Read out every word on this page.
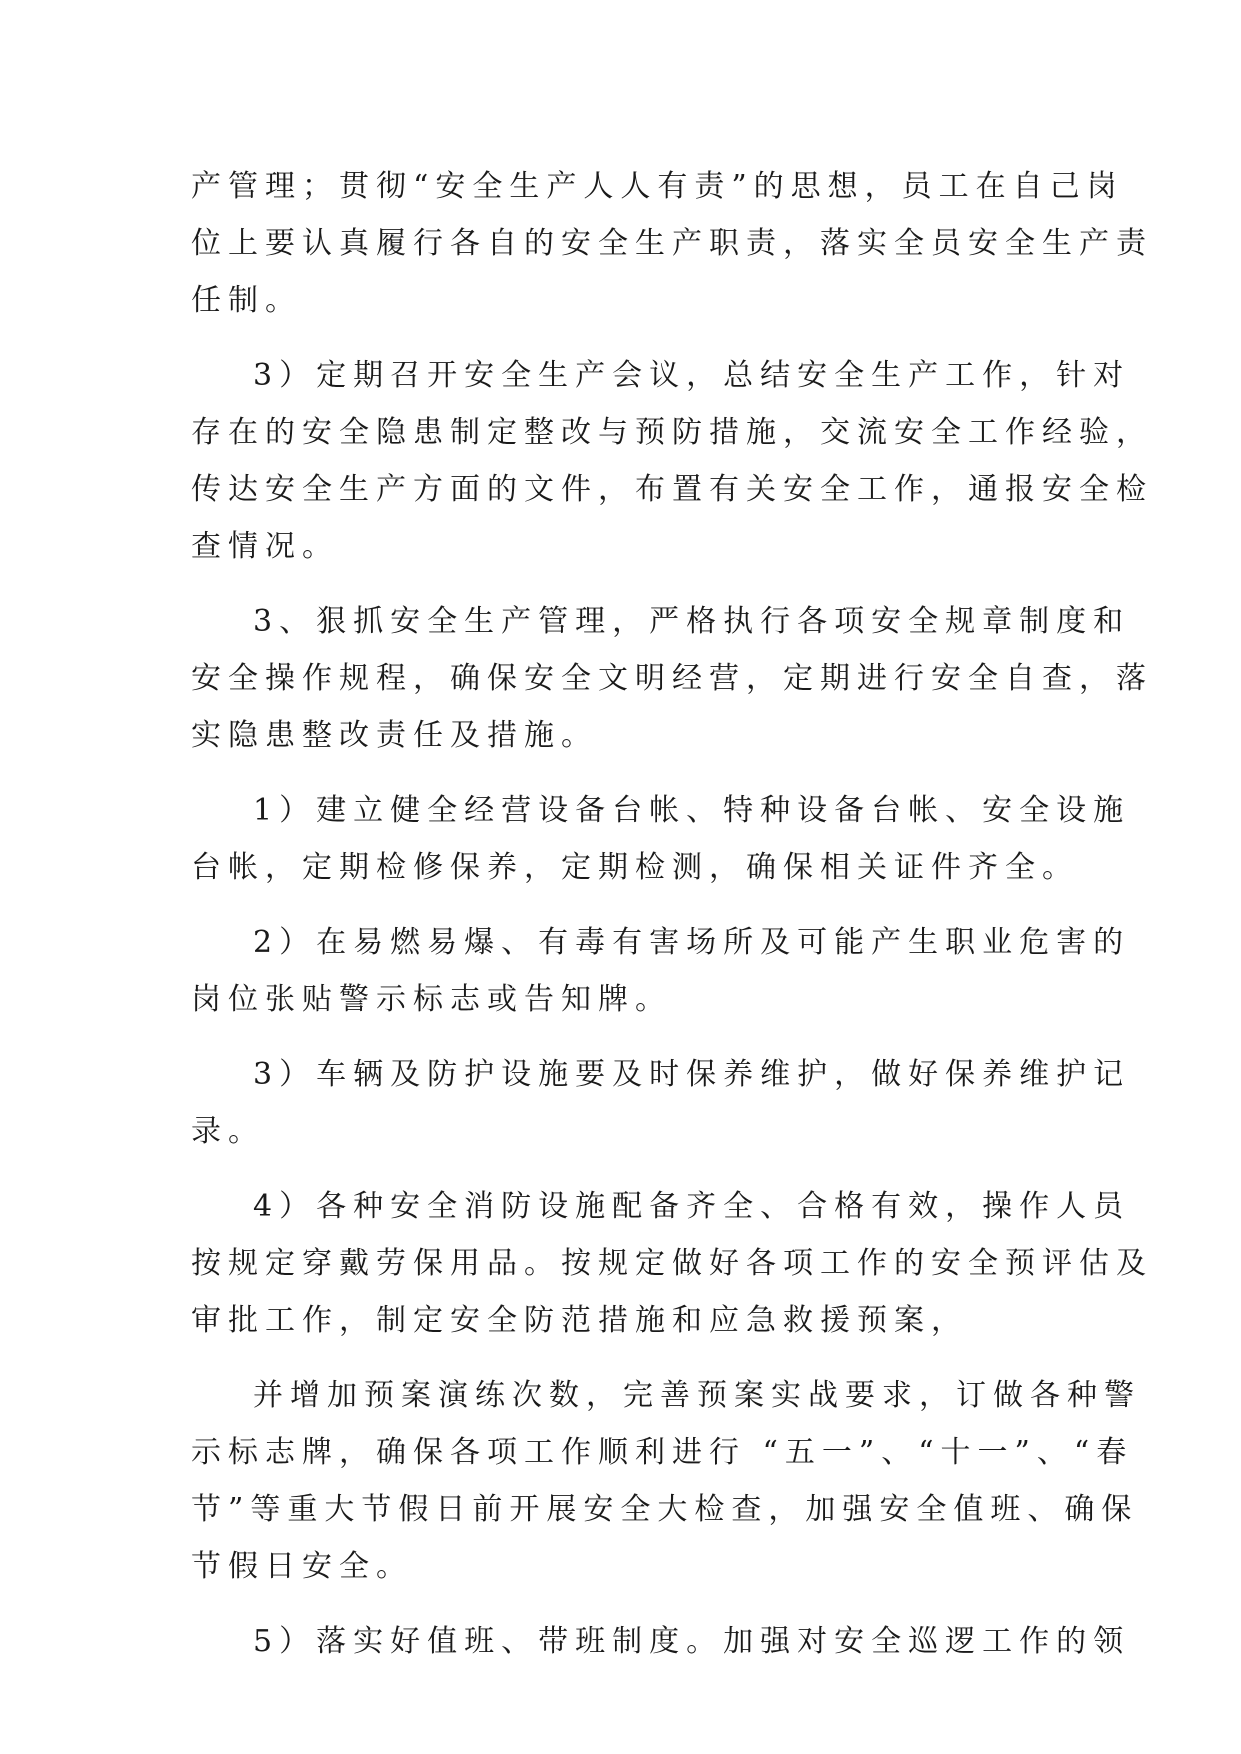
产管理；贯彻“安全生产人人有责”的思想，员工在自己岗
位上要认真履行各自的安全生产职责，落实全员安全生产责
任制。
3）定期召开安全生产会议，总结安全生产工作，针对
存在的安全隐患制定整改与预防措施，交流安全工作经验，
传达安全生产方面的文件，布置有关安全工作，通报安全检
查情况。
3、狠抓安全生产管理，严格执行各项安全规章制度和
安全操作规程，确保安全文明经营，定期进行安全自查，落
实隐患整改责任及措施。
1）建立健全经营设备台帐、特种设备台帐、安全设施
台帐，定期检修保养，定期检测，确保相关证件齐全。
2）在易燃易爆、有毒有害场所及可能产生职业危害的
岗位张贴警示标志或告知牌。
3）车辆及防护设施要及时保养维护，做好保养维护记
录。
4）各种安全消防设施配备齐全、合格有效，操作人员
按规定穿戴劳保用品。按规定做好各项工作的安全预评估及
审批工作，制定安全防范措施和应急救援预案，
并增加预案演练次数，完善预案实战要求，订做各种警
示标志牌，确保各项工作顺利进行 “五一”、“十一”、“春
节”等重大节假日前开展安全大检查，加强安全值班、确保
节假日安全。
5）落实好值班、带班制度。加强对安全巡逻工作的领
